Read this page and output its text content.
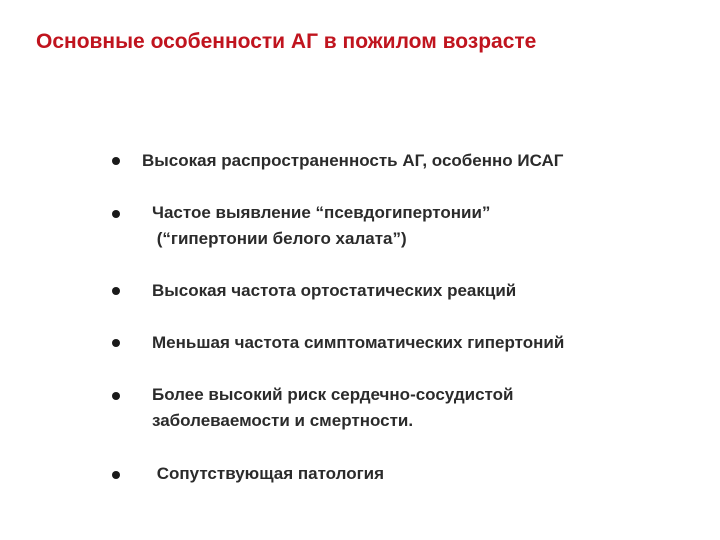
Основные особенности АГ в пожилом возрасте
Высокая распространенность АГ, особенно ИСАГ
Частое выявление “псевдогипертонии”
(“гипертонии белого халата”)
Высокая частота ортостатических реакций
Меньшая частота симптоматических гипертоний
Более высокий риск сердечно-сосудистой
заболеваемости и смертности.
Сопутствующая патология
